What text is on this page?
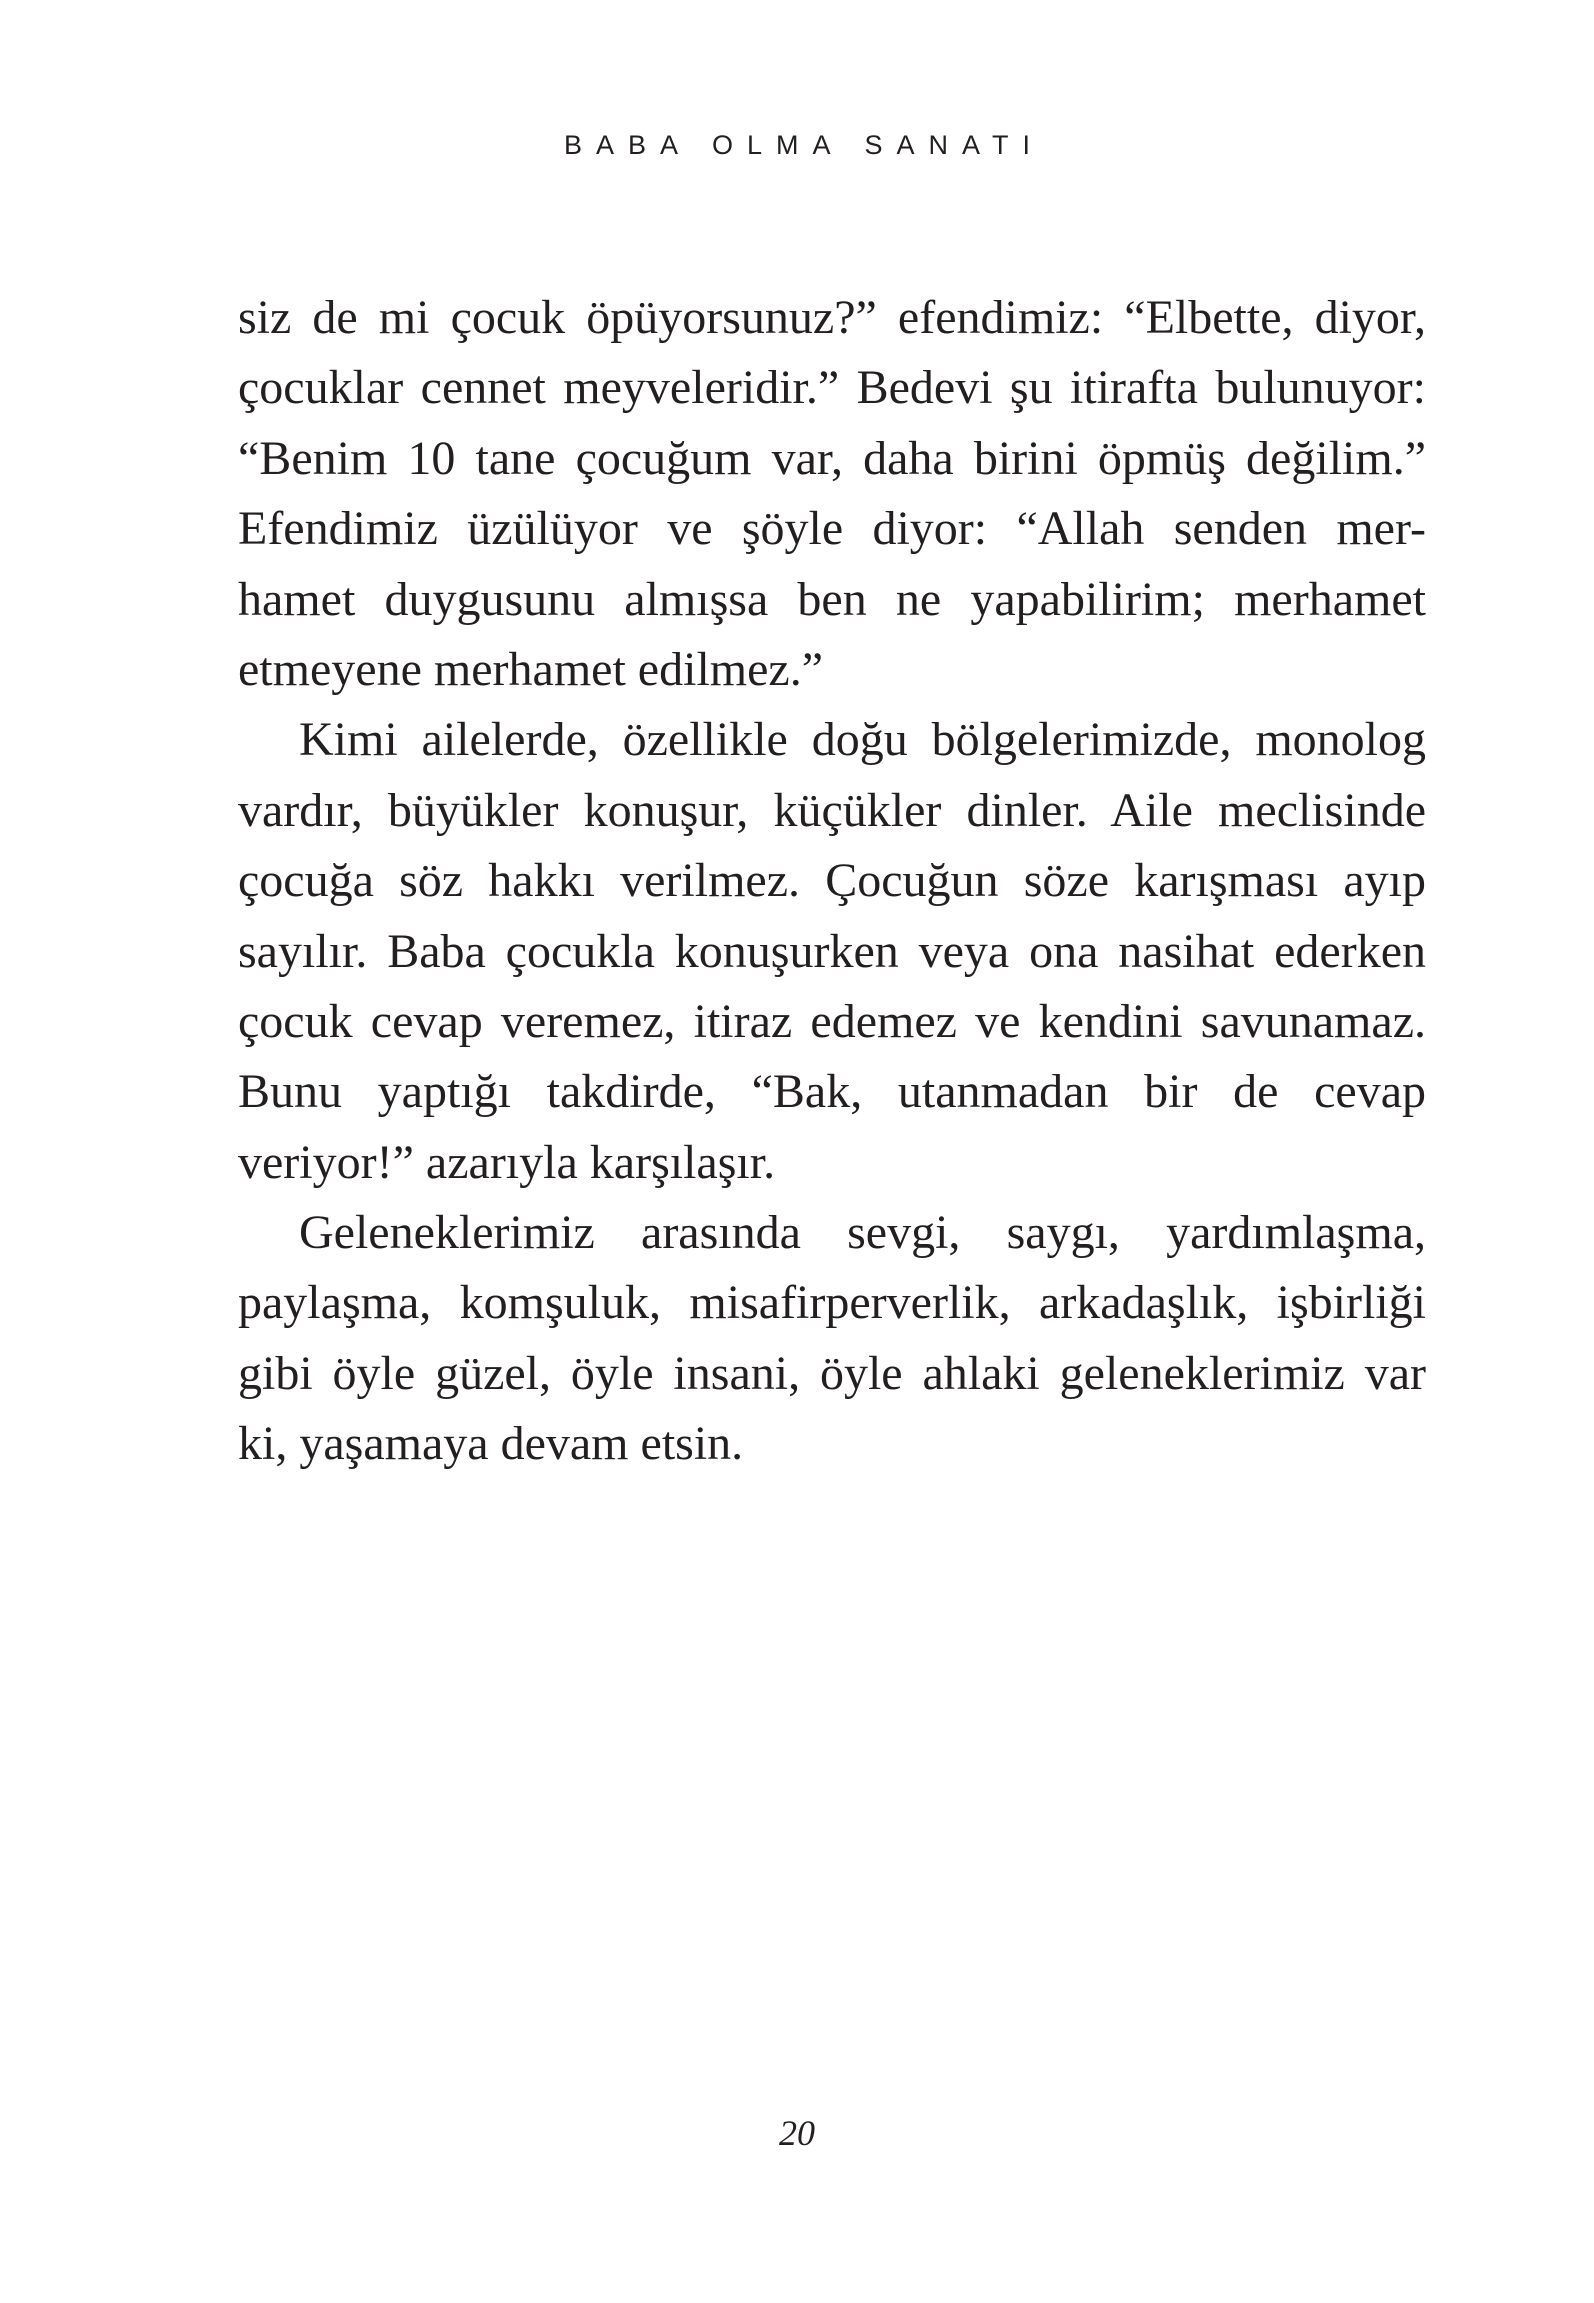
BABA OLMA SANATI
siz de mi çocuk öpüyorsunuz?” efendimiz: “Elbette, diyor,
çocuklar cennet meyveleridir.” Bedevi şu itirafta bulunuyor:
“Benim 10 tane çocuğum var, daha birini öpmüş değilim.”
Efendimiz üzülüyor ve şöyle diyor: “Allah senden mer-
hamet duygusunu almışsa ben ne yapabilirim; merhamet
etmeyene merhamet edilmez.”
Kimi ailelerde, özellikle doğu bölgelerimizde, monolog
vardır, büyükler konuşur, küçükler dinler. Aile meclisinde
çocuğa söz hakkı verilmez. Çocuğun söze karışması ayıp
sayılır. Baba çocukla konuşurken veya ona nasihat ederken
çocuk cevap veremez, itiraz edemez ve kendini savunamaz.
Bunu yaptığı takdirde, “Bak, utanmadan bir de cevap
veriyor!” azarıyla karşılaşır.
Geleneklerimiz arasında sevgi, saygı, yardımlaşma,
paylaşma, komşuluk, misafirperverlik, arkadaşlık, işbirliği
gibi öyle güzel, öyle insani, öyle ahlaki geleneklerimiz var
ki, yaşamaya devam etsin.
20
